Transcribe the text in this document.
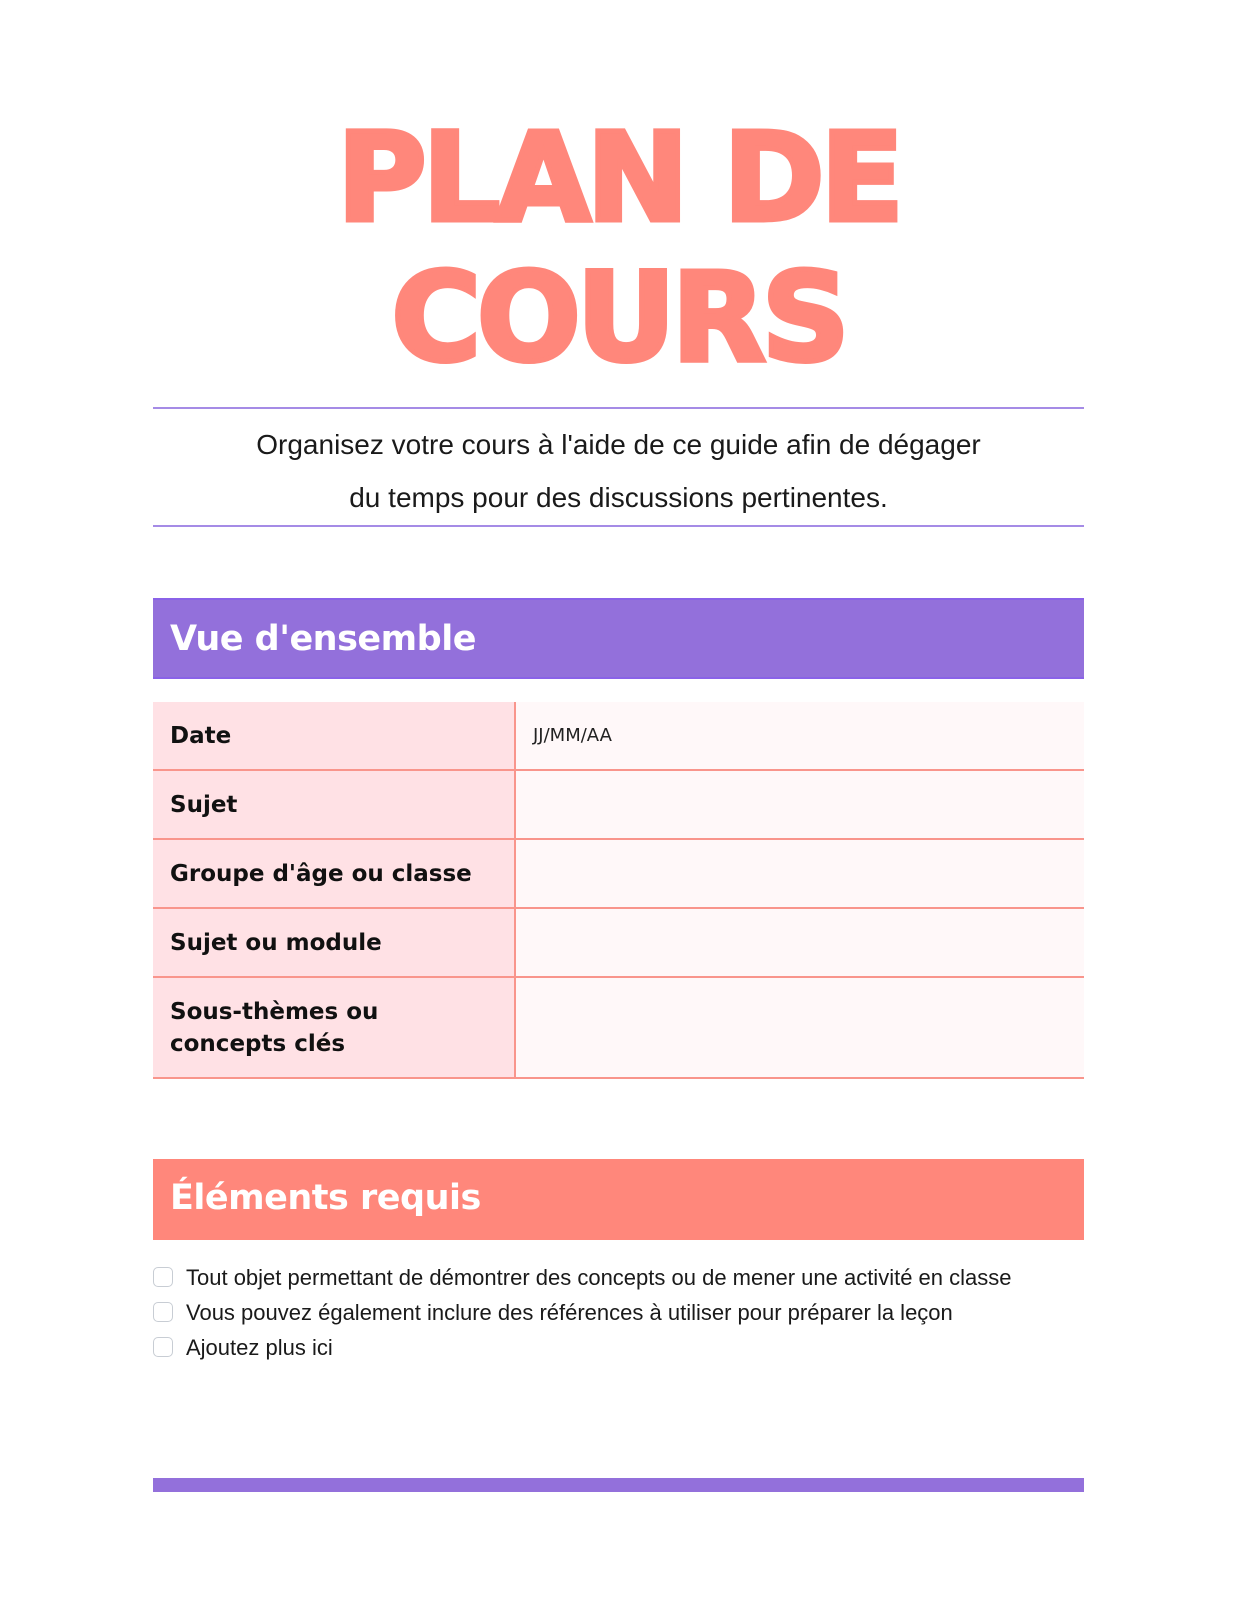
PLAN DE
COURS
Organisez votre cours à l'aide de ce guide afin de dégager
du temps pour des discussions pertinentes.
Vue d'ensemble
Date	JJ/MM/AA
Sujet
Groupe d'âge ou classe
Sujet ou module
Sous-thèmes ou concepts clés
Éléments requis
Tout objet permettant de démontrer des concepts ou de mener une activité en classe
Vous pouvez également inclure des références à utiliser pour préparer la leçon
Ajoutez plus ici
